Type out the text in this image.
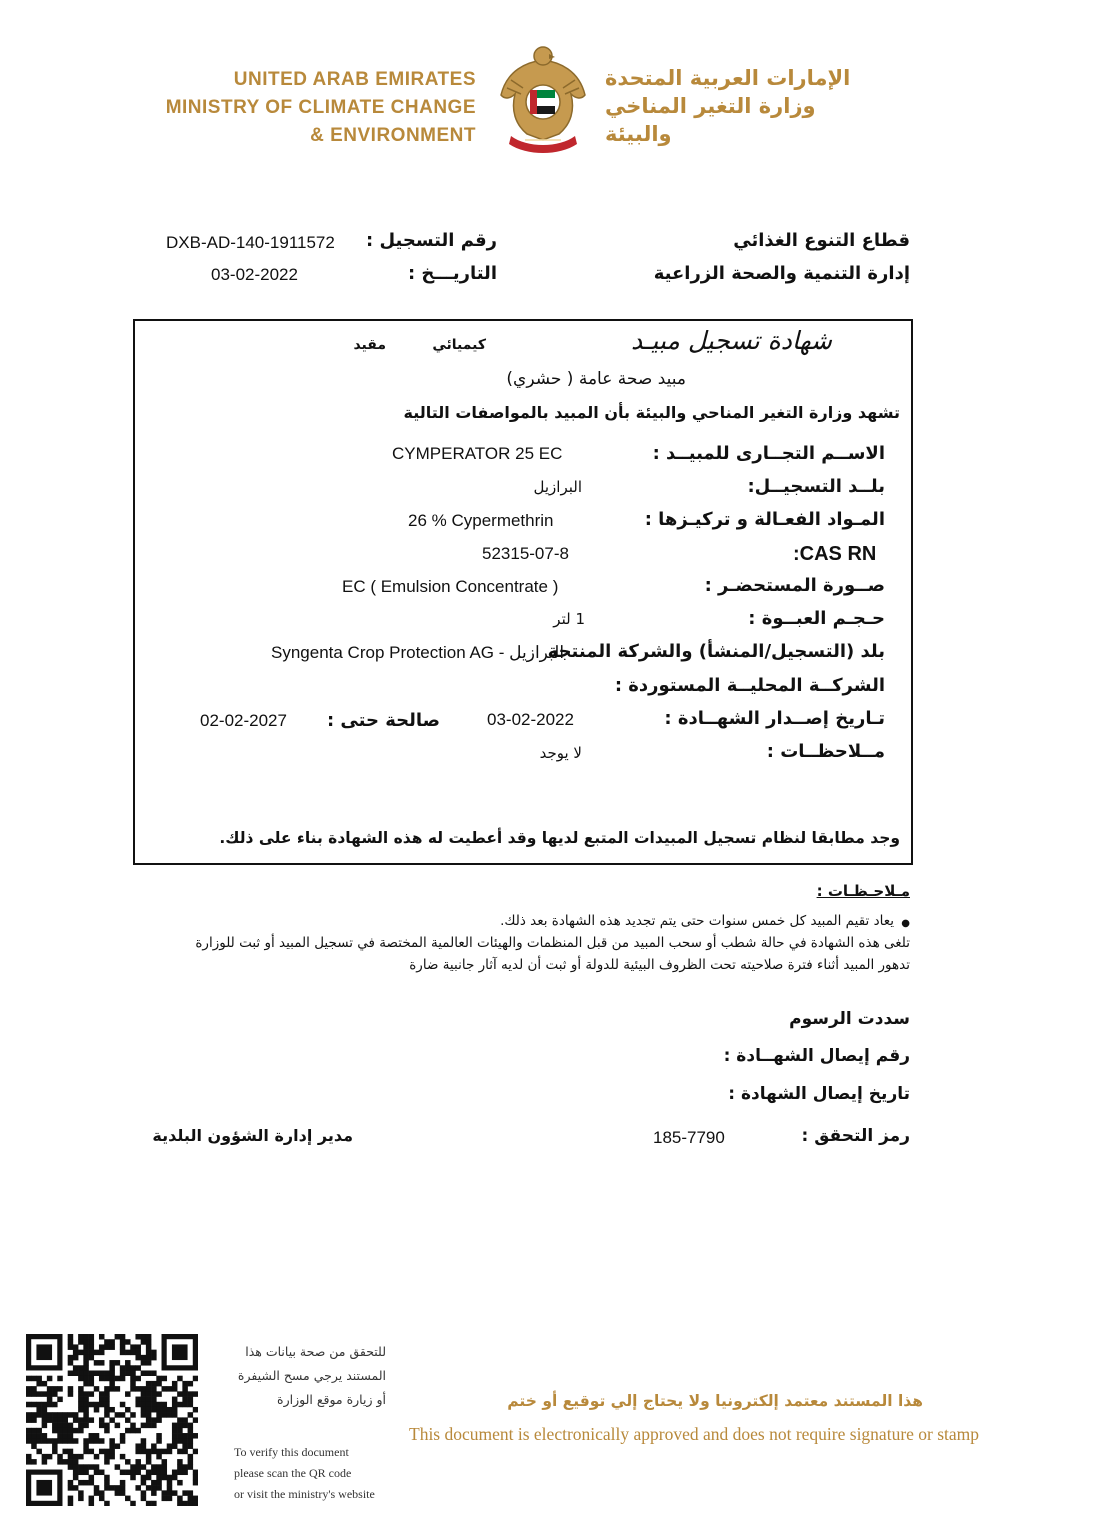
UNITED ARAB EMIRATES
MINISTRY OF CLIMATE CHANGE
& ENVIRONMENT
الإمارات العربية المتحدة
وزارة التغير المناخي
والبيئة
قطاع التنوع الغذائي
إدارة التنمية والصحة الزراعية
رقم التسجيل :
DXB-AD-140-1911572
التاريـــخ :
03-02-2022
شهادة تسجيل مبيـد
كيميائي
مقيد
مبيد صحة عامة ( حشري)
تشهد وزارة التغير المناحي والبيئة بأن المبيد بالمواصفات التالية
الاســم التجــارى للمبيــد :
CYMPERATOR 25 EC
بلــد التسجيــل:
البرازيل
المـواد الفعـالة و تركيـزها :
26 % Cypermethrin
:CAS RN
52315-07-8
صــورة المستحضـر :
EC ( Emulsion Concentrate )
حـجـم العبــوة :
1 لتر
بلد (التسجيل/المنشأ) والشركة المنتجة
Syngenta Crop Protection AG - البرازيل
الشركــة المحليــة المستوردة :
تـاريخ إصــدار الشهــادة :
03-02-2022
صالحة حتى :
02-02-2027
مــلاحظــات :
لا يوجد
وجد مطابقا لنظام تسجيل المبيدات المتبع لديها وقد أعطيت له هذه الشهادة بناء على ذلك.
مـلاحـظـات :
يعاد تقيم المبيد كل خمس سنوات حتى يتم تجديد هذه الشهادة بعد ذلك. ●
تلغى هذه الشهادة في حالة شطب أو سحب المبيد من قبل المنظمات والهيئات العالمية المختصة في تسجيل المبيد أو ثبت للوزارة
تدهور المبيد أثناء فترة صلاحيته تحت الظروف البيئية للدولة أو ثبت أن لديه آثار جانبية ضارة
سددت الرسوم
رقم إيصال الشهــادة :
تاريخ إيصال الشهادة :
رمز التحقق :
185-7790
مدير إدارة الشؤون البلدية
للتحقق من صحة بيانات هذا
المستند يرجي مسح الشيفرة
أو زيارة موقع الوزارة
To verify this document
please scan the QR code
or visit the ministry's website
هذا المستند معتمد إلكترونيا ولا يحتاج إلي توقيع أو ختم
This document is electronically approved and does not require signature or stamp
